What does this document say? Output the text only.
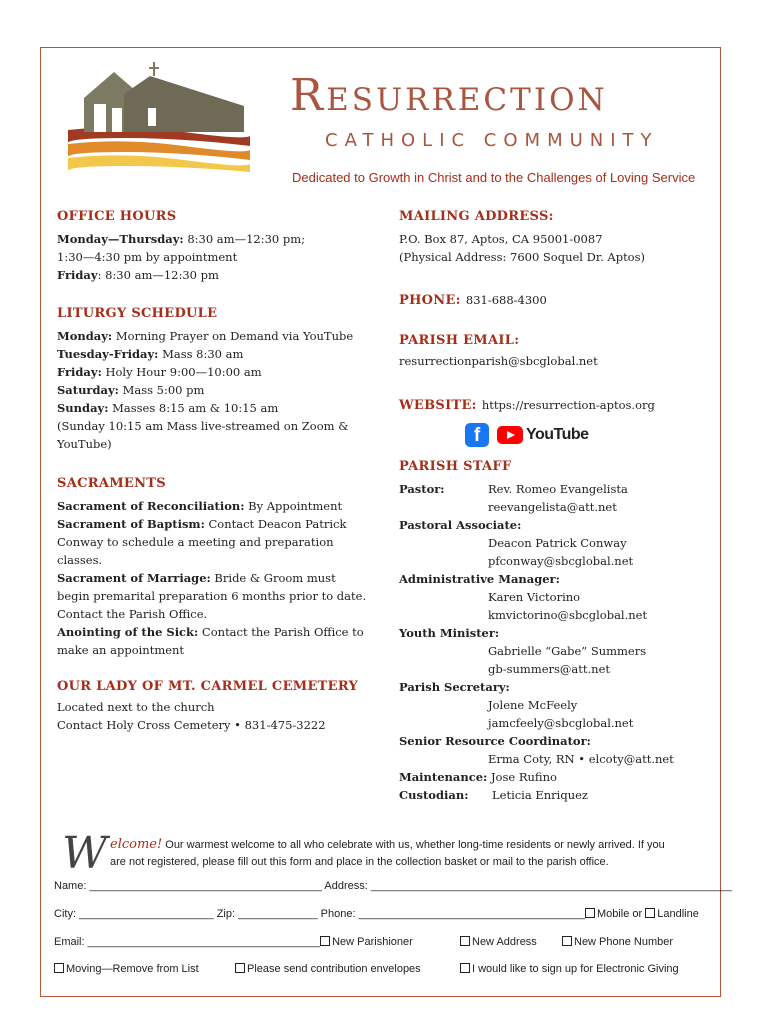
Resurrection
CATHOLIC COMMUNITY
Dedicated to Growth in Christ and to the Challenges of Loving Service
OFFICE HOURS
Monday—Thursday: 8:30 am—12:30 pm;
1:30—4:30 pm by appointment
Friday: 8:30 am—12:30 pm
LITURGY SCHEDULE
Monday: Morning Prayer on Demand via YouTube
Tuesday-Friday: Mass 8:30 am
Friday: Holy Hour 9:00—10:00 am
Saturday: Mass 5:00 pm
Sunday: Masses 8:15 am & 10:15 am
(Sunday 10:15 am Mass live-streamed on Zoom &
YouTube)
SACRAMENTS
Sacrament of Reconciliation: By Appointment
Sacrament of Baptism: Contact Deacon Patrick
Conway to schedule a meeting and preparation
classes.
Sacrament of Marriage: Bride & Groom must
begin premarital preparation 6 months prior to date.
Contact the Parish Office.
Anointing of the Sick: Contact the Parish Office to
make an appointment
OUR LADY OF MT. CARMEL CEMETERY
Located next to the church
Contact Holy Cross Cemetery • 831-475-3222
MAILING ADDRESS:
P.O. Box 87, Aptos, CA 95001-0087
(Physical Address: 7600 Soquel Dr. Aptos)
PHONE: 831-688-4300
PARISH EMAIL:
resurrectionparish@sbcglobal.net
WEBSITE: https://resurrection-aptos.org
f	YouTube
PARISH STAFF
Pastor:	Rev. Romeo Evangelista
reevangelista@att.net
Pastoral Associate:
Deacon Patrick Conway
pfconway@sbcglobal.net
Administrative Manager:
Karen Victorino
kmvictorino@sbcglobal.net
Youth Minister:
Gabrielle “Gabe” Summers
gb-summers@att.net
Parish Secretary:
Jolene McFeely
jamcfeely@sbcglobal.net
Senior Resource Coordinator:
Erma Coty, RN • elcoty@att.net
Maintenance: Jose Rufino
Custodian: Leticia Enriquez
W elcome! Our warmest welcome to all who celebrate with us, whether long-time residents or newly arrived. If you
are not registered, please fill out this form and place in the collection basket or mail to the parish office.
Name: ______________________________________ Address: ___________________________________________________________
City: ______________________ Zip: _____________ Phone: _____________________________________ Mobile or Landline
Email: ______________________________________ New Parishioner	New Address	New Phone Number
Moving—Remove from List	Please send contribution envelopes	I would like to sign up for Electronic Giving
